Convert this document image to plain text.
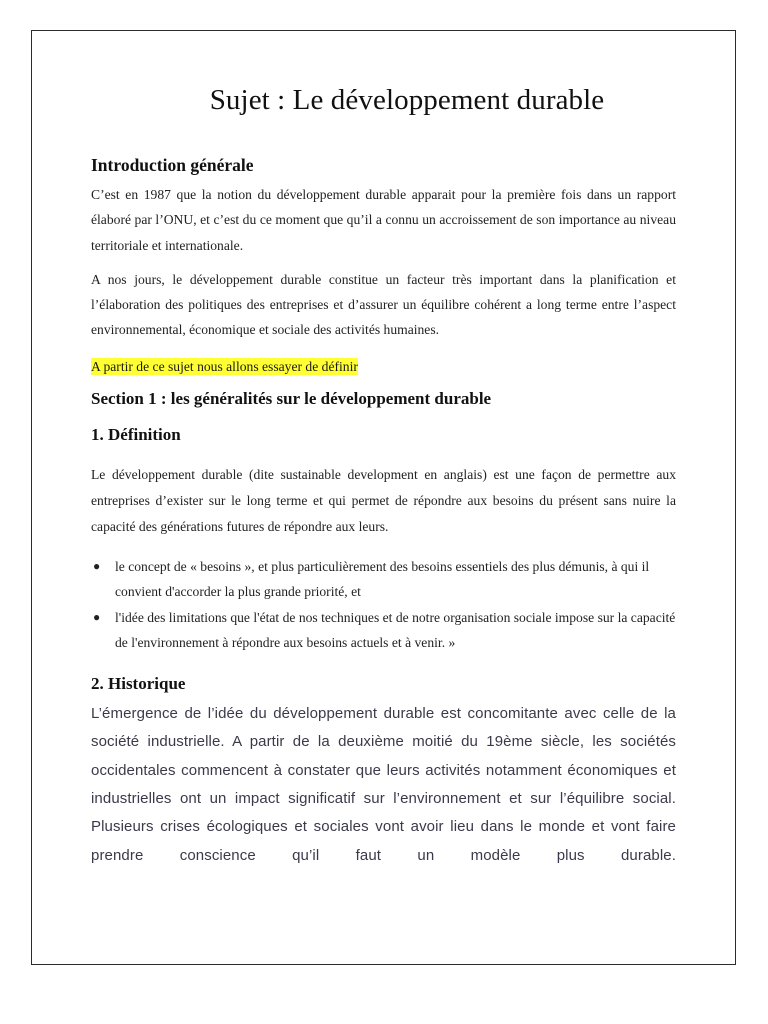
Sujet : Le développement durable
Introduction générale

C’est en 1987 que la notion du développement durable apparait pour la première fois dans un rapport élaboré par l’ONU, et c’est du ce moment que qu’il a connu un accroissement de son importance au niveau territoriale et internationale.

A nos jours, le développement durable constitue un facteur très important dans la planification et l’élaboration des politiques des entreprises et d’assurer un équilibre cohérent a long terme entre l’aspect environnemental, économique et sociale des activités humaines.

A partir de ce sujet nous allons essayer de définir
Section 1 : les généralités sur le développement durable
1. Définition

Le développement durable (dite sustainable development en anglais) est une façon de permettre aux entreprises d’exister sur le long terme et qui permet de répondre aux besoins du présent sans nuire la capacité des générations futures de répondre aux leurs.

● le concept de « besoins », et plus particulièrement des besoins essentiels des plus démunis, à qui il convient d'accorder la plus grande priorité, et
● l'idée des limitations que l'état de nos techniques et de notre organisation sociale impose sur la capacité de l'environnement à répondre aux besoins actuels et à venir. »
2. Historique

L’émergence de l’idée du développement durable est concomitante avec celle de la société industrielle. A partir de la deuxième moitié du 19ème siècle, les sociétés occidentales commencent à constater que leurs activités notamment économiques et industrielles ont un impact significatif sur l’environnement et sur l’équilibre social. Plusieurs crises écologiques et sociales vont avoir lieu dans le monde et vont faire prendre conscience qu’il faut un modèle plus durable.
